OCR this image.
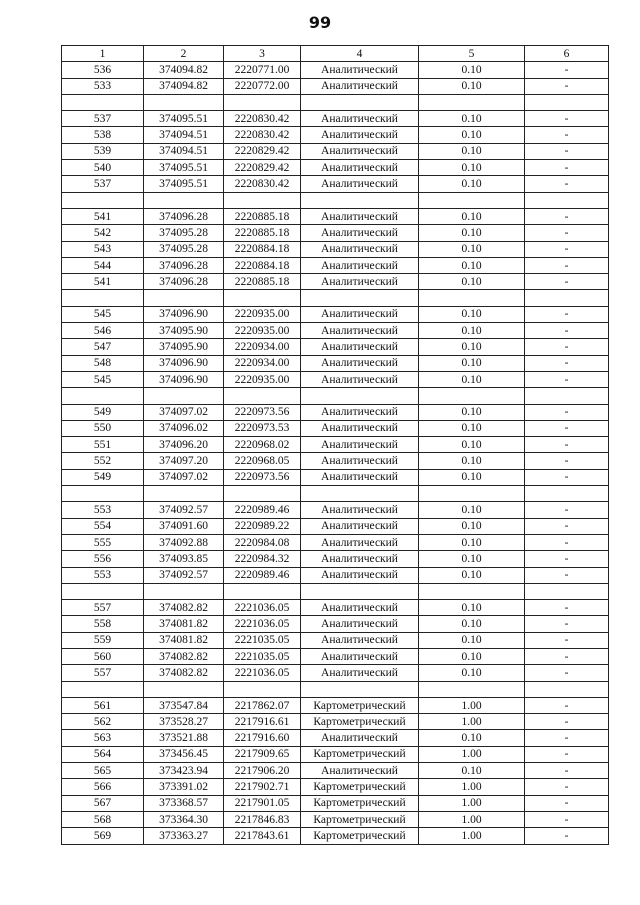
99
1	2	3	4	5	6
536	374094.82	2220771.00	Аналитический	0.10	-
533	374094.82	2220772.00	Аналитический	0.10	-

537	374095.51	2220830.42	Аналитический	0.10	-
538	374094.51	2220830.42	Аналитический	0.10	-
539	374094.51	2220829.42	Аналитический	0.10	-
540	374095.51	2220829.42	Аналитический	0.10	-
537	374095.51	2220830.42	Аналитический	0.10	-

541	374096.28	2220885.18	Аналитический	0.10	-
542	374095.28	2220885.18	Аналитический	0.10	-
543	374095.28	2220884.18	Аналитический	0.10	-
544	374096.28	2220884.18	Аналитический	0.10	-
541	374096.28	2220885.18	Аналитический	0.10	-

545	374096.90	2220935.00	Аналитический	0.10	-
546	374095.90	2220935.00	Аналитический	0.10	-
547	374095.90	2220934.00	Аналитический	0.10	-
548	374096.90	2220934.00	Аналитический	0.10	-
545	374096.90	2220935.00	Аналитический	0.10	-

549	374097.02	2220973.56	Аналитический	0.10	-
550	374096.02	2220973.53	Аналитический	0.10	-
551	374096.20	2220968.02	Аналитический	0.10	-
552	374097.20	2220968.05	Аналитический	0.10	-
549	374097.02	2220973.56	Аналитический	0.10	-

553	374092.57	2220989.46	Аналитический	0.10	-
554	374091.60	2220989.22	Аналитический	0.10	-
555	374092.88	2220984.08	Аналитический	0.10	-
556	374093.85	2220984.32	Аналитический	0.10	-
553	374092.57	2220989.46	Аналитический	0.10	-

557	374082.82	2221036.05	Аналитический	0.10	-
558	374081.82	2221036.05	Аналитический	0.10	-
559	374081.82	2221035.05	Аналитический	0.10	-
560	374082.82	2221035.05	Аналитический	0.10	-
557	374082.82	2221036.05	Аналитический	0.10	-

561	373547.84	2217862.07	Картометрический	1.00	-
562	373528.27	2217916.61	Картометрический	1.00	-
563	373521.88	2217916.60	Аналитический	0.10	-
564	373456.45	2217909.65	Картометрический	1.00	-
565	373423.94	2217906.20	Аналитический	0.10	-
566	373391.02	2217902.71	Картометрический	1.00	-
567	373368.57	2217901.05	Картометрический	1.00	-
568	373364.30	2217846.83	Картометрический	1.00	-
569	373363.27	2217843.61	Картометрический	1.00	-
